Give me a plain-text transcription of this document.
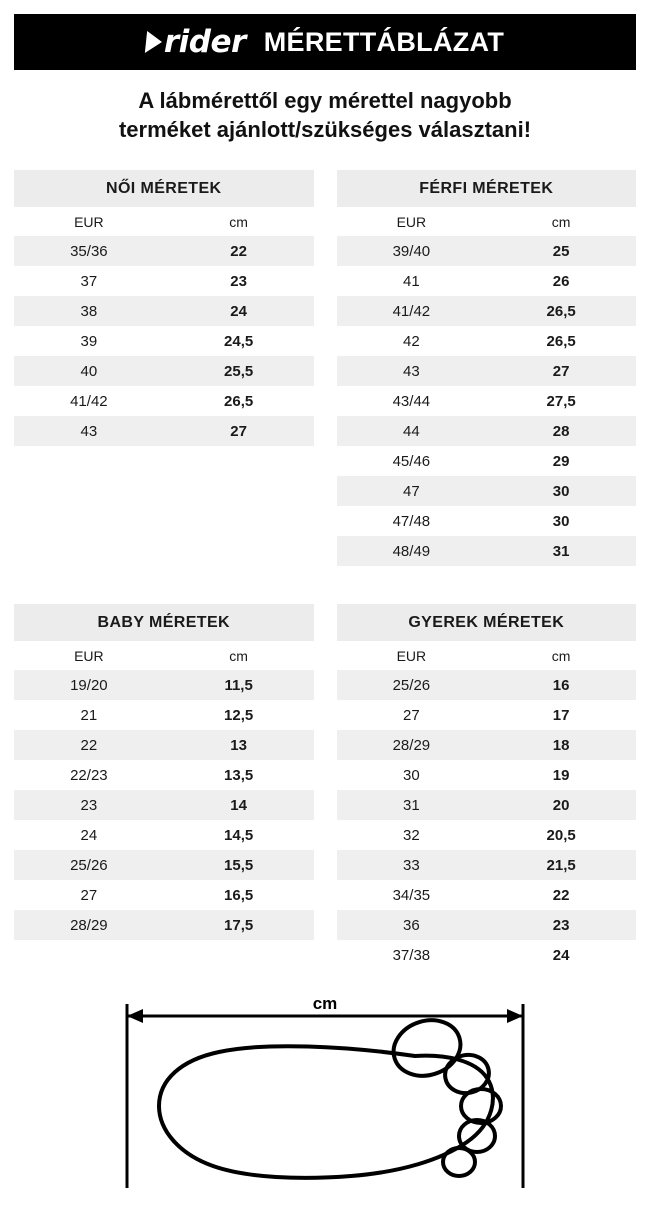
rider MÉRETTÁBLÁZAT
A lábmérettől egy mérettel nagyobb
terméket ajánlott/szükséges választani!
NŐI MÉRETEK
EUR	cm
35/36	22
37	23
38	24
39	24,5
40	25,5
41/42	26,5
43	27
FÉRFI MÉRETEK
EUR	cm
39/40	25
41	26
41/42	26,5
42	26,5
43	27
43/44	27,5
44	28
45/46	29
47	30
47/48	30
48/49	31
BABY MÉRETEK
EUR	cm
19/20	11,5
21	12,5
22	13
22/23	13,5
23	14
24	14,5
25/26	15,5
27	16,5
28/29	17,5
GYEREK MÉRETEK
EUR	cm
25/26	16
27	17
28/29	18
30	19
31	20
32	20,5
33	21,5
34/35	22
36	23
37/38	24
cm
